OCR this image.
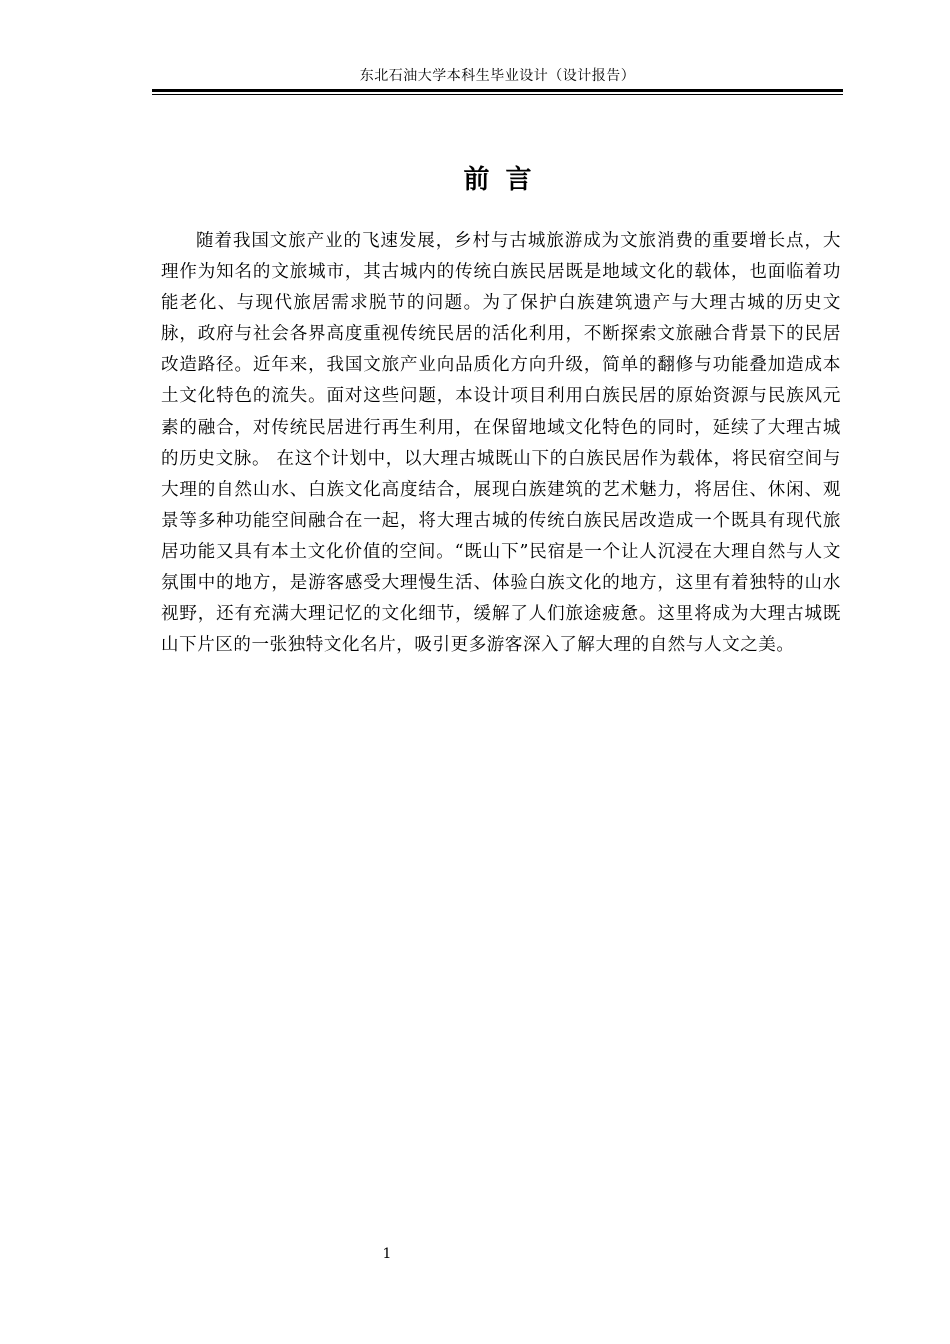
东北石油大学本科生毕业设计（设计报告）
前言

随着我国文旅产业的飞速发展，乡村与古城旅游成为文旅消费的重要增长点，大理作为知名的文旅城市，其古城内的传统白族民居既是地域文化的载体，也面临着功能老化、与现代旅居需求脱节的问题。为了保护白族建筑遗产与大理古城的历史文脉，政府与社会各界高度重视传统民居的活化利用，不断探索文旅融合背景下的民居改造路径。近年来，我国文旅产业向品质化方向升级，简单的翻修与功能叠加造成本土文化特色的流失。面对这些问题，本设计项目利用白族民居的原始资源与民族风元素的融合，对传统民居进行再生利用，在保留地域文化特色的同时，延续了大理古城的历史文脉。 在这个计划中，以大理古城既山下的白族民居作为载体，将民宿空间与大理的自然山水、白族文化高度结合，展现白族建筑的艺术魅力，将居住、休闲、观景等多种功能空间融合在一起，将大理古城的传统白族民居改造成一个既具有现代旅居功能又具有本土文化价值的空间。“既山下”民宿是一个让人沉浸在大理自然与人文氛围中的地方，是游客感受大理慢生活、体验白族文化的地方，这里有着独特的山水视野，还有充满大理记忆的文化细节，缓解了人们旅途疲惫。这里将成为大理古城既山下片区的一张独特文化名片，吸引更多游客深入了解大理的自然与人文之美。

1
